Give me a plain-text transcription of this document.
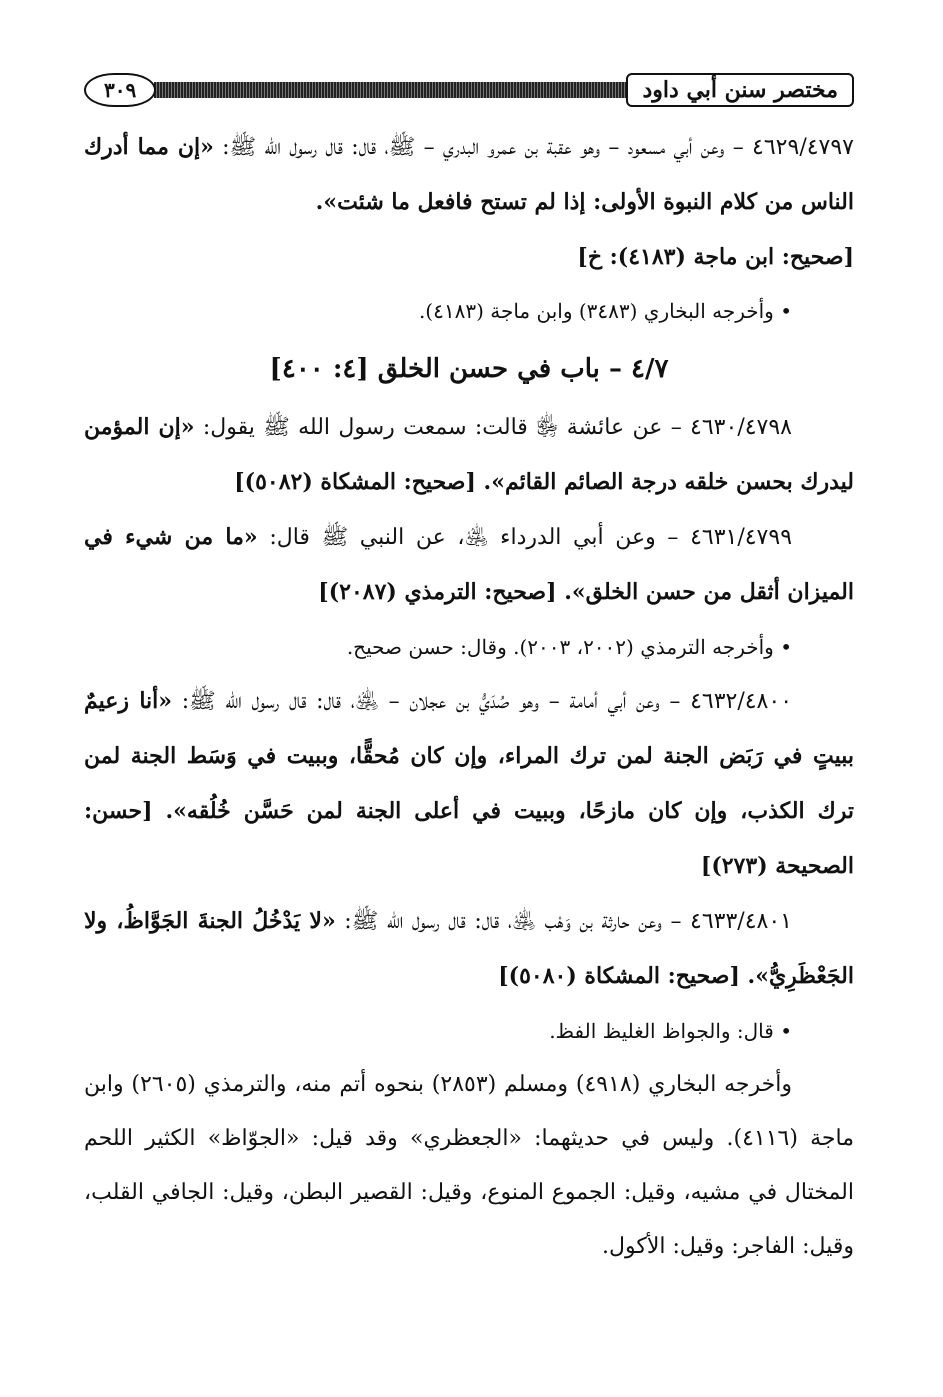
مختصر سنن أبي داود
٣٠٩

٤٦٢٩/٤٧٩٧ – وعن أبي مسعود – وهو عقبة بن عمرو البدري – ﷺ، قال: قال رسول الله ﷺ: «إن مما أدرك الناس من كلام النبوة الأولى: إذا لم تستح فافعل ما شئت».

[صحيح: ابن ماجة (٤١٨٣): خ]

• وأخرجه البخاري (٣٤٨٣) وابن ماجة (٤١٨٣).

٤/٧ – باب في حسن الخلق [٤: ٤٠٠]

٤٦٣٠/٤٧٩٨ – عن عائشة ﵂ قالت: سمعت رسول الله ﷺ يقول: «إن المؤمن ليدرك بحسن خلقه درجة الصائم القائم». [صحيح: المشكاة (٥٠٨٢)]

٤٦٣١/٤٧٩٩ – وعن أبي الدرداء ﵁، عن النبي ﷺ قال: «ما من شيء في الميزان أثقل من حسن الخلق». [صحيح: الترمذي (٢٠٨٧)]

• وأخرجه الترمذي (٢٠٠٢، ٢٠٠٣). وقال: حسن صحيح.

٤٦٣٢/٤٨٠٠ – وعن أبي أمامة – وهو صُدَيُّ بن عجلان – ﵁، قال: قال رسول الله ﷺ: «أنا زعيمٌ ببيتٍ في رَبَض الجنة لمن ترك المراء، وإن كان مُحقًّا، وببيت في وَسَط الجنة لمن ترك الكذب، وإن كان مازحًا، وببيت في أعلى الجنة لمن حَسَّن خُلُقه». [حسن: الصحيحة (٢٧٣)]

٤٦٣٣/٤٨٠١ – وعن حارثة بن وَهْب ﵁، قال: قال رسول الله ﷺ: «لا يَدْخُلُ الجنةَ الجَوَّاظُ، ولا الجَعْظَرِيُّ». [صحيح: المشكاة (٥٠٨٠)]

• قال: والجواظ الغليظ الفظ.

وأخرجه البخاري (٤٩١٨) ومسلم (٢٨٥٣) بنحوه أتم منه، والترمذي (٢٦٠٥) وابن ماجة (٤١١٦). وليس في حديثهما: «الجعظري» وقد قيل: «الجوّاظ» الكثير اللحم المختال في مشيه، وقيل: الجموع المنوع، وقيل: القصير البطن، وقيل: الجافي القلب، وقيل: الفاجر: وقيل: الأكول.
